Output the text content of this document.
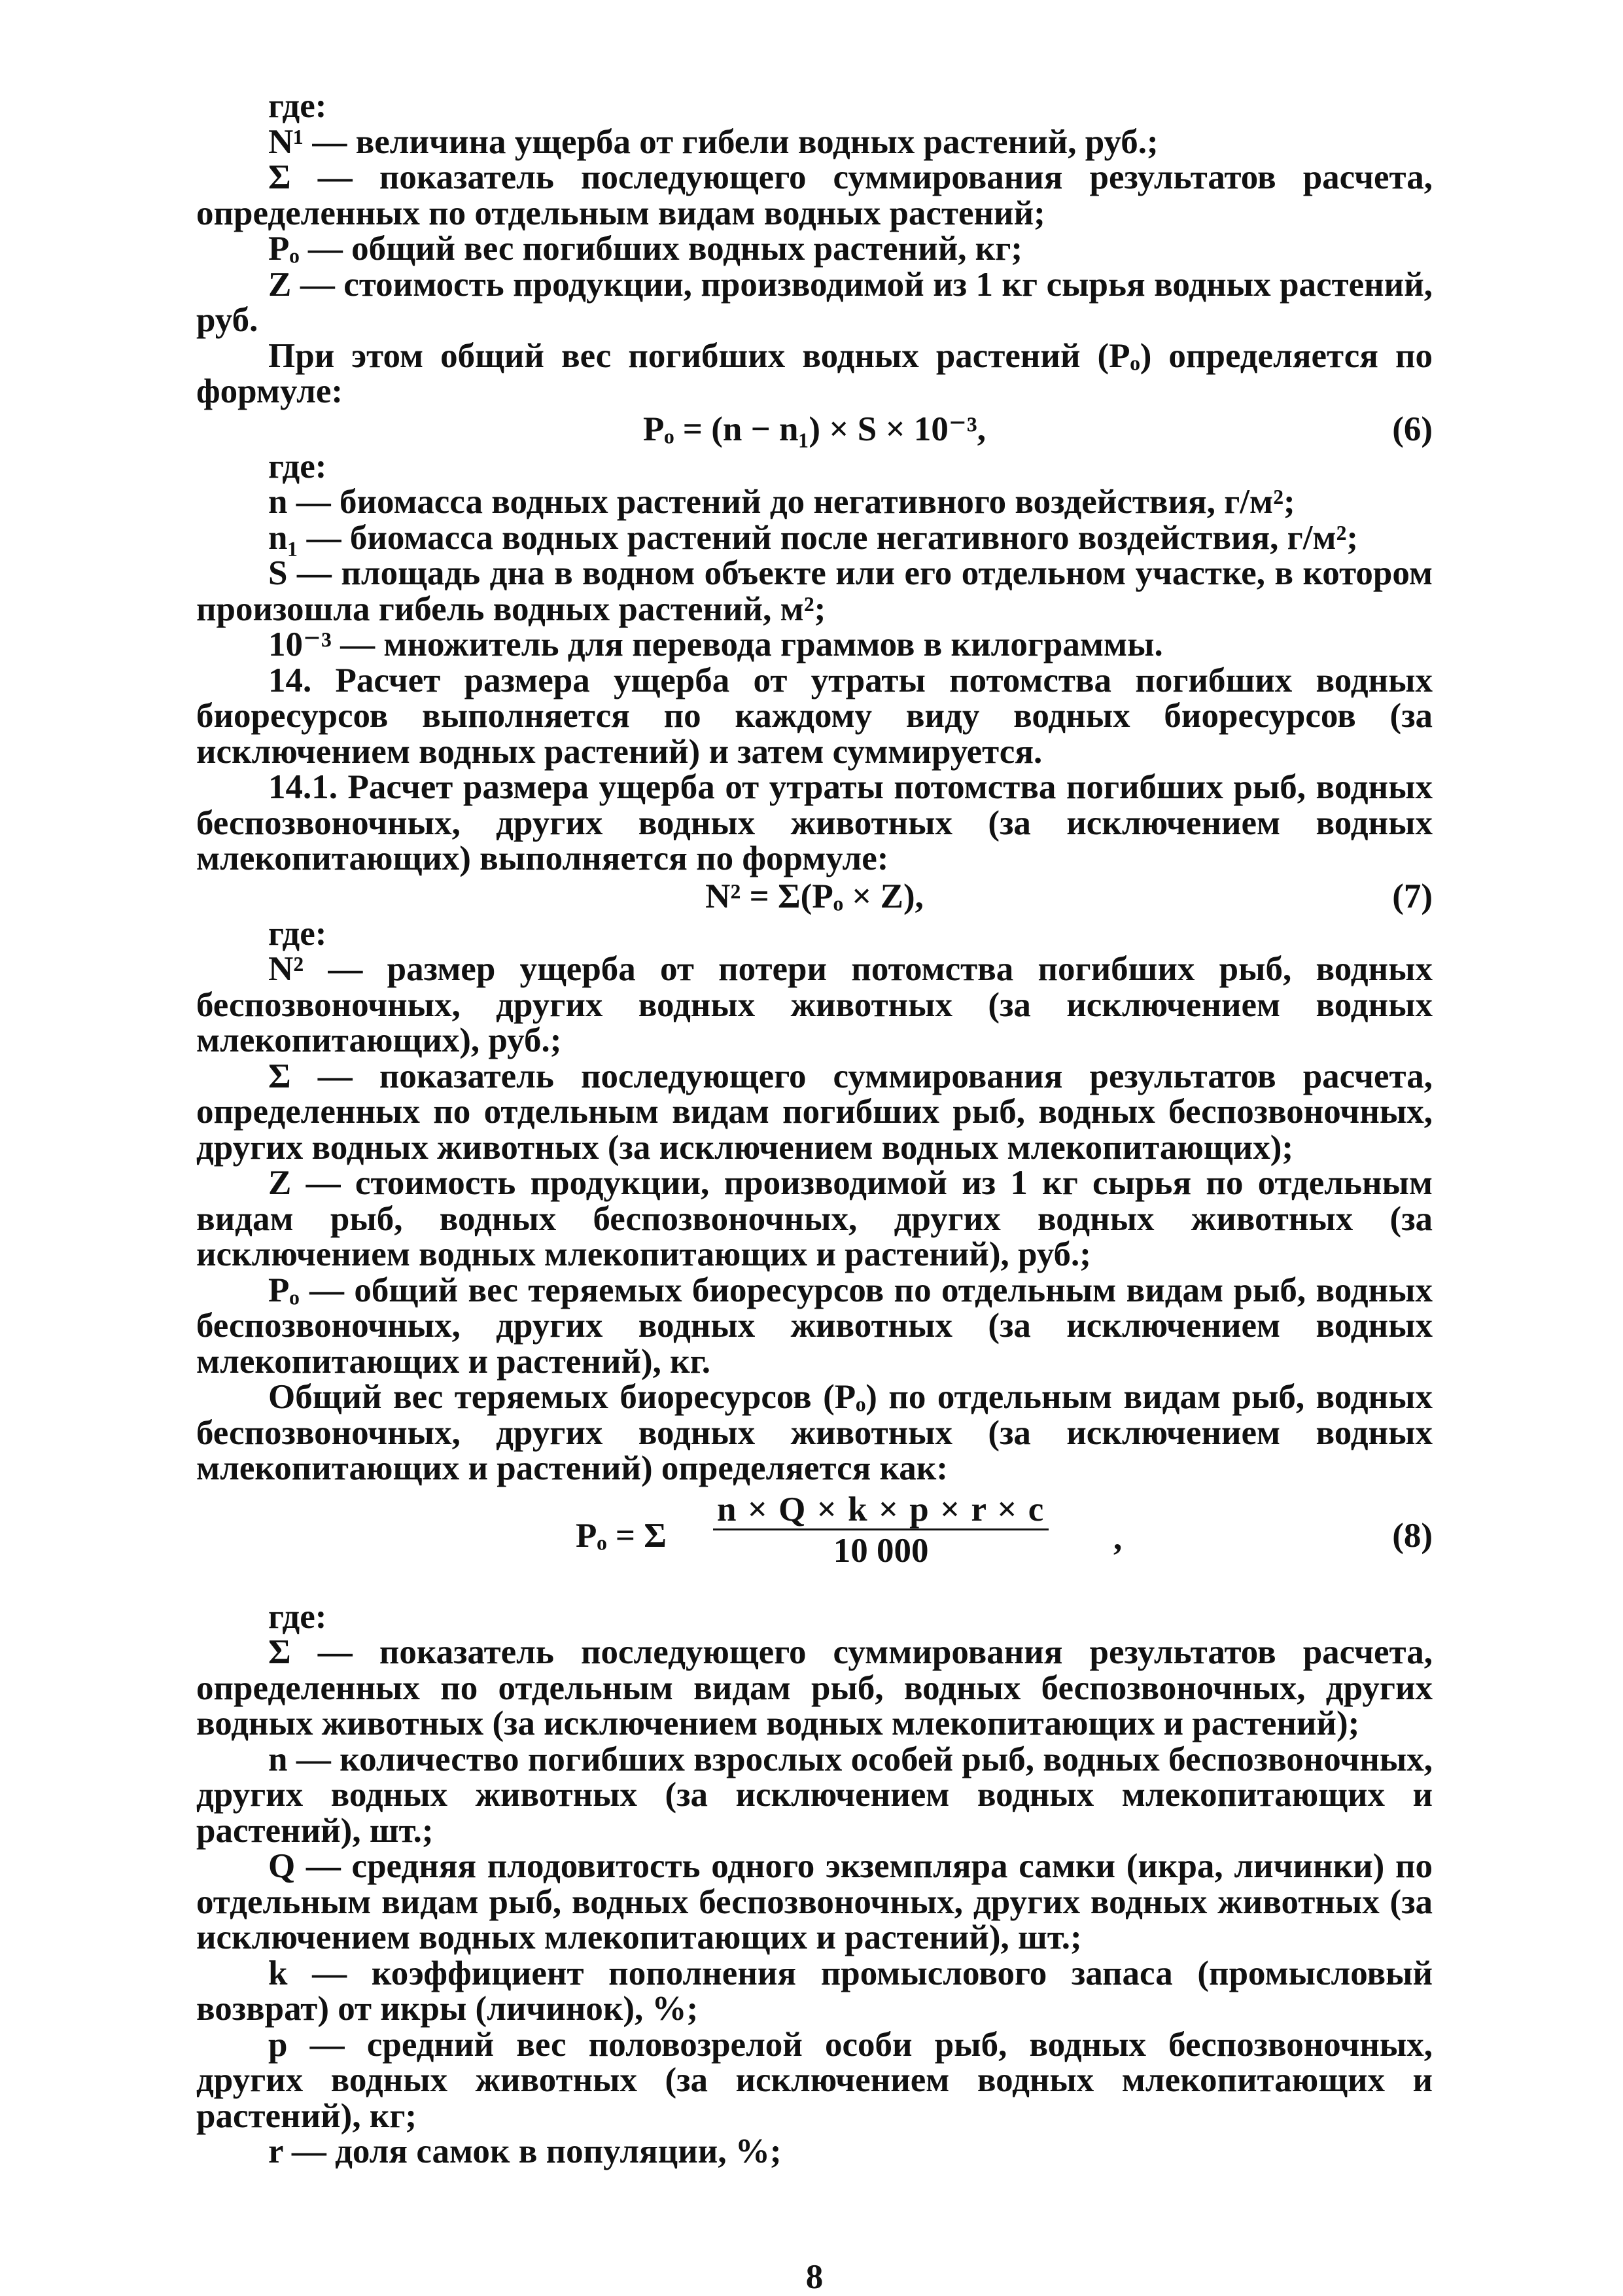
где:

N¹ — величина ущерба от гибели водных растений, руб.;

Σ — показатель последующего суммирования результатов расчета, определенных по отдельным видам водных растений;

Pₒ — общий вес погибших водных растений, кг;

Z — стоимость продукции, производимой из 1 кг сырья водных растений, руб.

При этом общий вес погибших водных растений (Pₒ) определяется по формуле:

Pₒ = (n − n₁) × S × 10⁻³,	(6)

где:

n — биомасса водных растений до негативного воздействия, г/м²;

n₁ — биомасса водных растений после негативного воздействия, г/м²;

S — площадь дна в водном объекте или его отдельном участке, в котором произошла гибель водных растений, м²;

10⁻³ — множитель для перевода граммов в килограммы.

14. Расчет размера ущерба от утраты потомства погибших водных биоресурсов выполняется по каждому виду водных биоресурсов (за исключением водных растений) и затем суммируется.

14.1. Расчет размера ущерба от утраты потомства погибших рыб, водных беспозвоночных, других водных животных (за исключением водных млекопитающих) выполняется по формуле:

N² = Σ(Pₒ × Z),	(7)

где:

N² — размер ущерба от потери потомства погибших рыб, водных беспозвоночных, других водных животных (за исключением водных млекопитающих), руб.;

Σ — показатель последующего суммирования результатов расчета, определенных по отдельным видам погибших рыб, водных беспозвоночных, других водных животных (за исключением водных млекопитающих);

Z — стоимость продукции, производимой из 1 кг сырья по отдельным видам рыб, водных беспозвоночных, других водных животных (за исключением водных млекопитающих и растений), руб.;

Pₒ — общий вес теряемых биоресурсов по отдельным видам рыб, водных беспозвоночных, других водных животных (за исключением водных млекопитающих и растений), кг.

Общий вес теряемых биоресурсов (Pₒ) по отдельным видам рыб, водных беспозвоночных, других водных животных (за исключением водных млекопитающих и растений) определяется как:

Pₒ = Σ
n × Q × k × p × r × c
10 000	,	(8)

где:

Σ — показатель последующего суммирования результатов расчета, определенных по отдельным видам рыб, водных беспозвоночных, других водных животных (за исключением водных млекопитающих и растений);

n — количество погибших взрослых особей рыб, водных беспозвоночных, других водных животных (за исключением водных млекопитающих и растений), шт.;

Q — средняя плодовитость одного экземпляра самки (икра, личинки) по отдельным видам рыб, водных беспозвоночных, других водных животных (за исключением водных млекопитающих и растений), шт.;

k — коэффициент пополнения промыслового запаса (промысловый возврат) от икры (личинок), %;

p — средний вес половозрелой особи рыб, водных беспозвоночных, других водных животных (за исключением водных млекопитающих и растений), кг;

r — доля самок в популяции, %;

8
